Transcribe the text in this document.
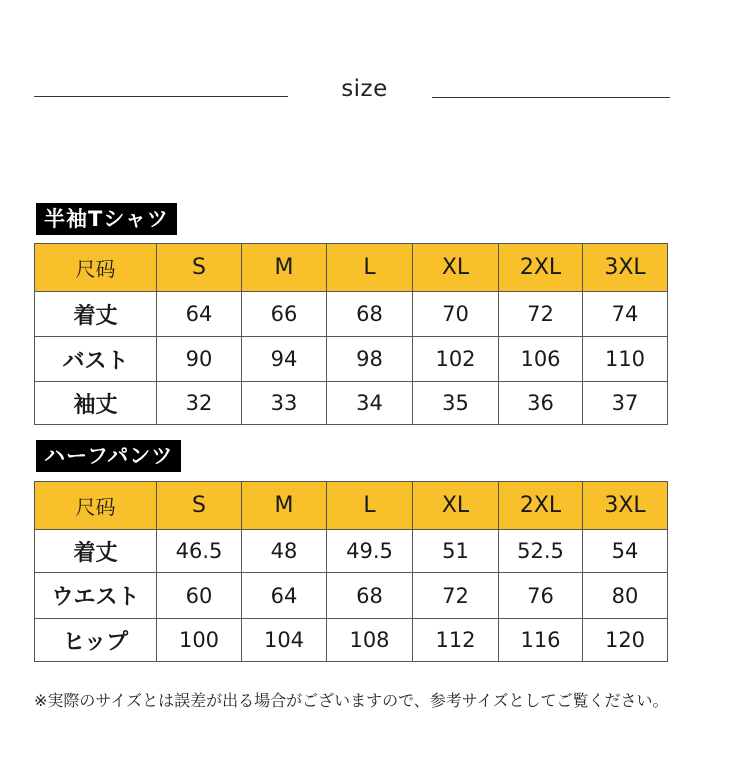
size
半袖Tシャツ
尺码	S	M	L	XL	2XL	3XL
着丈	64	66	68	70	72	74
バスト	90	94	98	102	106	110
袖丈	32	33	34	35	36	37
ハーフパンツ
尺码	S	M	L	XL	2XL	3XL
着丈	46.5	48	49.5	51	52.5	54
ウエスト	60	64	68	72	76	80
ヒップ	100	104	108	112	116	120
※実際のサイズとは誤差が出る場合がございますので、参考サイズとしてご覧ください。
